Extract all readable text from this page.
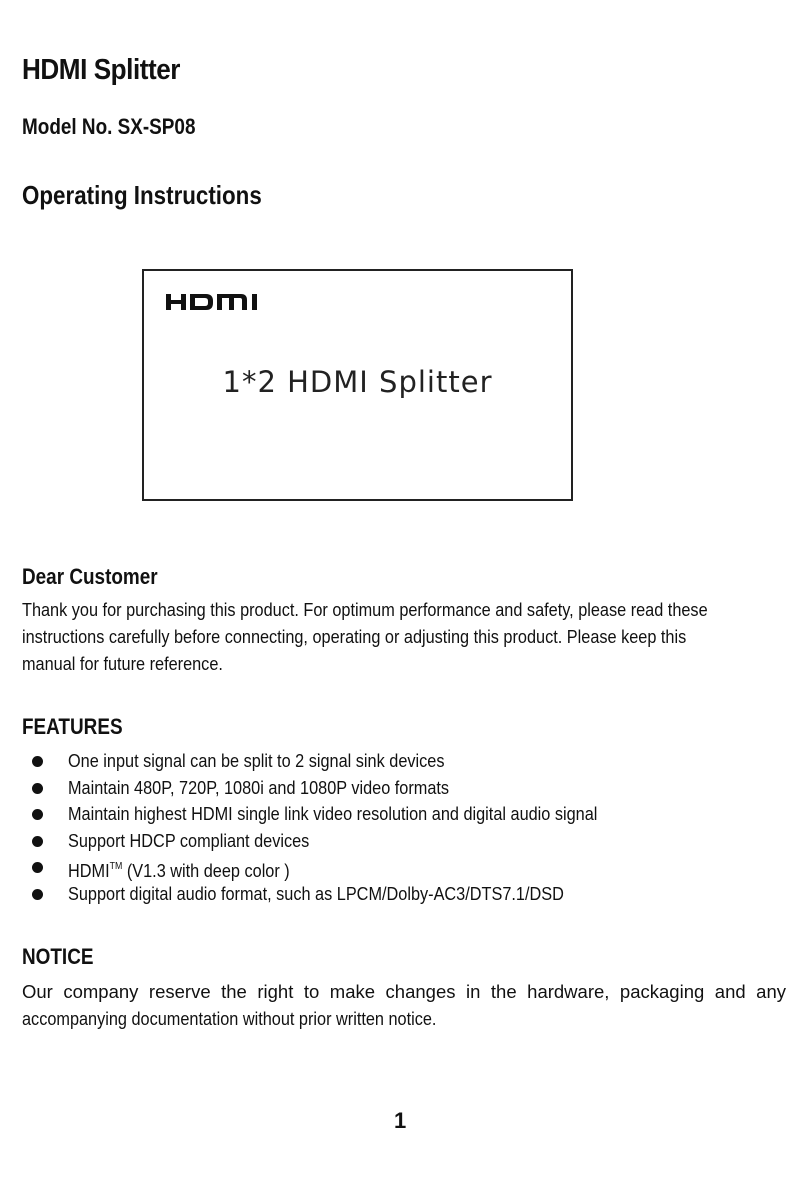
HDMI Splitter
Model No. SX-SP08
Operating Instructions
1*2 HDMI Splitter
Dear Customer
Thank you for purchasing this product. For optimum performance and safety, please read these
instructions carefully before connecting, operating or adjusting this product. Please keep this
manual for future reference.
FEATURES
One input signal can be split to 2 signal sink devices
Maintain 480P, 720P, 1080i and 1080P video formats
Maintain highest HDMI single link video resolution and digital audio signal
Support HDCP compliant devices
HDMI™ (V1.3 with deep color )
Support digital audio format, such as LPCM/Dolby-AC3/DTS7.1/DSD
NOTICE
Our company reserve the right to make changes in the hardware, packaging and any
accompanying documentation without prior written notice.
1
